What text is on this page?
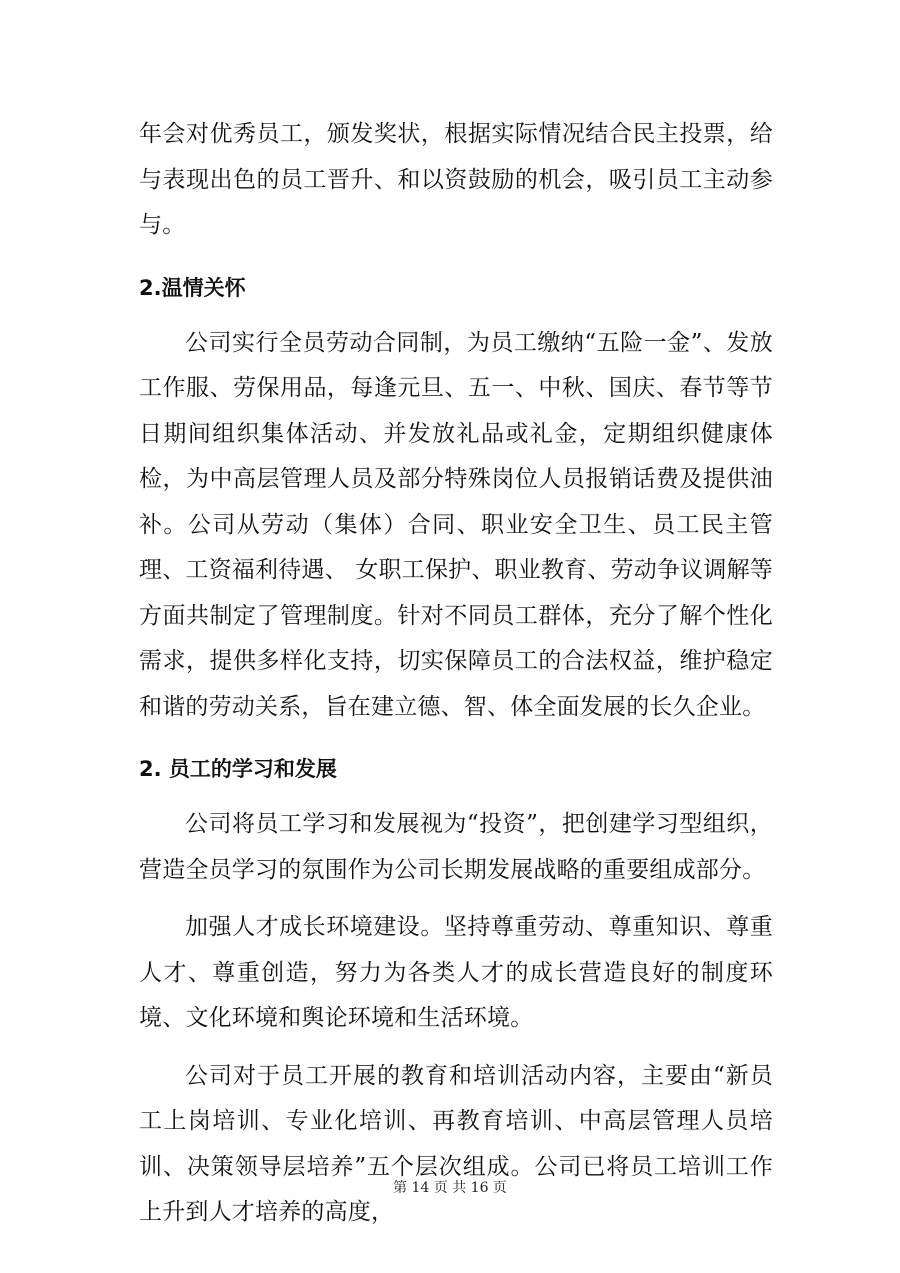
年会对优秀员工，颁发奖状，根据实际情况结合民主投票，给与表现出色的员工晋升、和以资鼓励的机会，吸引员工主动参与。

2.温情关怀

公司实行全员劳动合同制，为员工缴纳“五险一金”、发放工作服、劳保用品，每逢元旦、五一、中秋、国庆、春节等节日期间组织集体活动、并发放礼品或礼金，定期组织健康体检，为中高层管理人员及部分特殊岗位人员报销话费及提供油补。公司从劳动（集体）合同、职业安全卫生、员工民主管理、工资福利待遇、 女职工保护、职业教育、劳动争议调解等方面共制定了管理制度。针对不同员工群体，充分了解个性化需求，提供多样化支持，切实保障员工的合法权益，维护稳定和谐的劳动关系，旨在建立德、智、体全面发展的长久企业。

2. 员工的学习和发展

公司将员工学习和发展视为“投资”，把创建学习型组织，营造全员学习的氛围作为公司长期发展战略的重要组成部分。

加强人才成长环境建设。坚持尊重劳动、尊重知识、尊重人才、尊重创造，努力为各类人才的成长营造良好的制度环境、文化环境和舆论环境和生活环境。

公司对于员工开展的教育和培训活动内容，主要由“新员工上岗培训、专业化培训、再教育培训、中高层管理人员培训、决策领导层培养”五个层次组成。公司已将员工培训工作上升到人才培养的高度，

第 14 页 共 16 页
